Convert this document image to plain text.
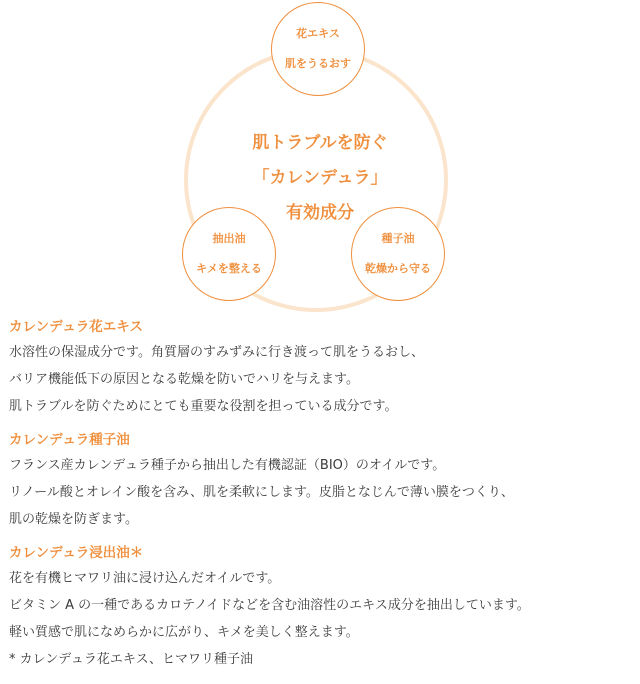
肌トラブルを防ぐ
「カレンデュラ」
有効成分
花エキス
肌をうるおす
抽出油
キメを整える
種子油
乾燥から守る
カレンデュラ花エキス
水溶性の保湿成分です。角質層のすみずみに行き渡って肌をうるおし、
バリア機能低下の原因となる乾燥を防いでハリを与えます。
肌トラブルを防ぐためにとても重要な役割を担っている成分です。
カレンデュラ種子油
フランス産カレンデュラ種子から抽出した有機認証（BIO）のオイルです。
リノール酸とオレイン酸を含み、肌を柔軟にします。皮脂となじんで薄い膜をつくり、
肌の乾燥を防ぎます。
カレンデュラ浸出油＊
花を有機ヒマワリ油に浸け込んだオイルです。
ビタミン A の一種であるカロテノイドなどを含む油溶性のエキス成分を抽出しています。
軽い質感で肌になめらかに広がり、キメを美しく整えます。
* カレンデュラ花エキス、ヒマワリ種子油
